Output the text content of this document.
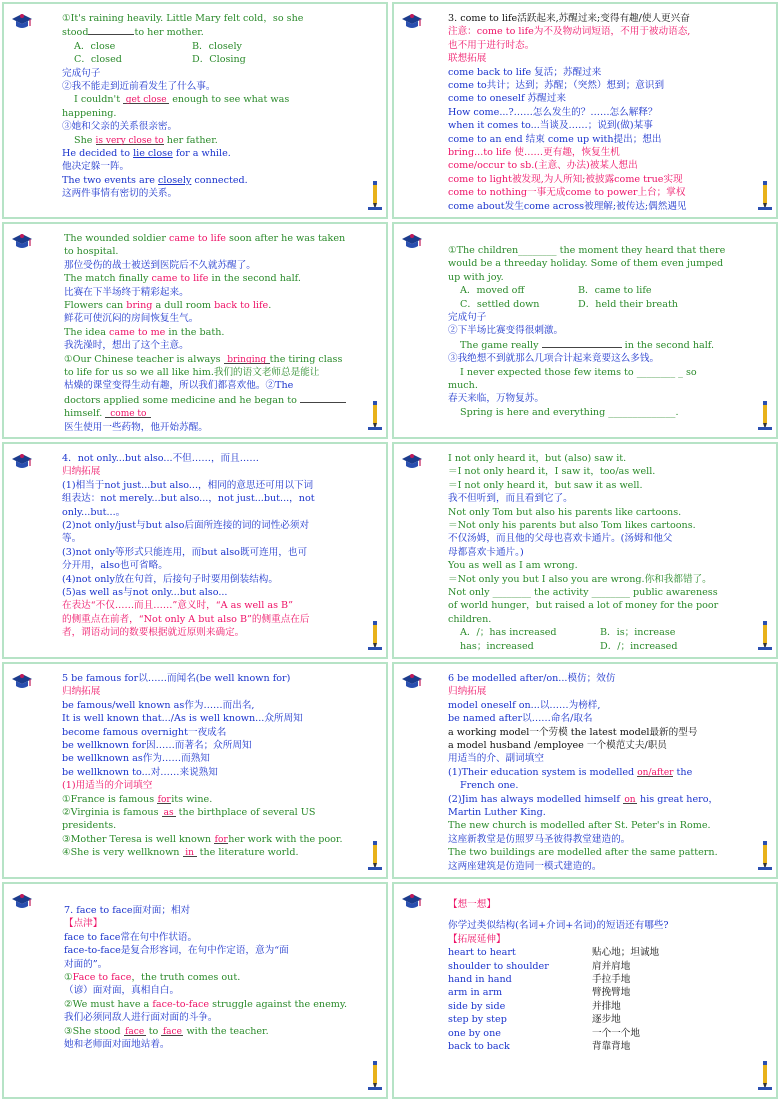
①It's raining heavily. Little Mary felt cold，so she
stood	to her mother.
A．close	B．closely
C．closed	D．Closing
完成句子
②我不能走到近前看发生了什么事。
I couldn't get close enough to see what was
happening.
③她和父亲的关系很亲密。
She is very close to her father.
He decided to lie close for a while.
他决定躲一阵。
The two events are closely connected.
这两件事情有密切的关系。
3. come to life活跃起来,苏醒过来;变得有趣/使人更兴奋
注意：come to life为不及物动词短语，不用于被动语态,
也不用于进行时态。
联想拓展
come back to life 复活；苏醒过来
come to共计；达到；苏醒；（突然）想到；意识到
come to oneself 苏醒过来
How come...?……怎么发生的？……怎么解释？
when it comes to...当谈及……；说到(做)某事
come to an end 结束 come up with提出；想出
bring...to life 使……更有趣，恢复生机
come/occur to sb.(主意、办法)被某人想出
come to light被发现,为人所知;被披露come true实现
come to nothing一事无成come to power上台；掌权
come about发生come across被理解;被传达;偶然遇见
The wounded soldier came to life soon after he was taken
to hospital.
那位受伤的战士被送到医院后不久就苏醒了。
The match finally came to life in the second half.
比赛在下半场终于精彩起来。
Flowers can bring a dull room back to life.
鲜花可使沉闷的房间恢复生气。
The idea came to me in the bath.
我洗澡时，想出了这个主意。
①Our Chinese teacher is always bringing the tiring class
to life for us so we all like him.我们的语文老师总是能让
枯燥的课堂变得生动有趣，所以我们都喜欢他。②The
doctors applied some medicine and he began to
himself. come to
医生使用一些药物，他开始苏醒。
①The children________ the moment they heard that there
would be a threeday holiday. Some of them even jumped
up with joy.
A．moved off	B．came to life
C．settled down	D．held their breath
完成句子
②下半场比赛变得很刺激。
The game really	in the second half.
③我绝想不到就那么几项合计起来竟要这么多钱。
I never expected those few items to ________ _ so
much.
春天来临，万物复苏。
Spring is here and everything ______________.
4．not only...but also...不但……，而且……
归纳拓展
(1)相当于not just...but also...，相同的意思还可用以下词
组表达：not merely...but also...，not just...but...，not
only...but...。
(2)not only/just与but also后面所连接的词的词性必须对
等。
(3)not only等形式只能连用，而but also既可连用，也可
分开用，also也可省略。
(4)not only放在句首，后接句子时要用倒装结构。
(5)as well as与not only...but also...
在表达“不仅……而且……”意义时，“A as well as B”
的侧重点在前者，“Not only A but also B”的侧重点在后
者，谓语动词的数要根据就近原则来确定。
I not only heard it，but (also) saw it.
＝I not only heard it，I saw it，too/as well.
＝I not only heard it，but saw it as well.
我不但听到，而且看到它了。
Not only Tom but also his parents like cartoons.
＝Not only his parents but also Tom likes cartoons.
不仅汤姆，而且他的父母也喜欢卡通片。(汤姆和他父
母都喜欢卡通片。)
You as well as I am wrong.
＝Not only you but I also you are wrong.你和我都错了。
Not only ________ the activity ________ public awareness
of world hunger，but raised a lot of money for the poor
children.
A．/；has increased	B．is；increase
has；increased	D．/；increased
5 be famous for以……而闻名(be well known for)
归纳拓展
be famous/well known as作为……而出名,
It is well known that.../As is well known...众所周知
become famous overnight一夜成名
be wellknown for因……而著名；众所周知
be wellknown as作为……而熟知
be wellknown to...对……来说熟知
(1)用适当的介词填空
①France is famous forits wine.
②Virginia is famous as the birthplace of several US
presidents.
③Mother Teresa is well known forher work with the poor.
④She is very wellknown in the literature world.
6 be modelled after/on...模仿；效仿
归纳拓展
model oneself on...以……为榜样,
be named after以……命名/取名
a working model一个劳模 the latest model最新的型号
a model husband /employee 一个模范丈夫/职员
用适当的介、副词填空
(1)Their education system is modelled on/after the
French one.
(2)Jim has always modelled himself on his great hero，
Martin Luther King.
The new church is modelled after St. Peter's in Rome.
这座新教堂是仿照罗马圣彼得教堂建造的。
The two buildings are modelled after the same pattern.
这两座建筑是仿造同一模式建造的。
7. face to face面对面；相对
【点津】
face to face常在句中作状语。
face-to-face是复合形容词，在句中作定语，意为“面
对面的”。
①Face to face，the truth comes out.
（谚）面对面，真相自白。
②We must have a face-to-face struggle against the enemy.
我们必须同敌人进行面对面的斗争。
③She stood face to face with the teacher.
她和老师面对面地站着。
【想一想】
你学过类似结构(名词+介词+名词)的短语还有哪些?
【拓展延伸】
heart to heart	贴心地；坦诚地
shoulder to shoulder	肩并肩地
hand in hand	手拉手地
arm in arm	臂挽臂地
side by side	并排地
step by step	逐步地
one by one	一个一个地
back to back	背靠背地
